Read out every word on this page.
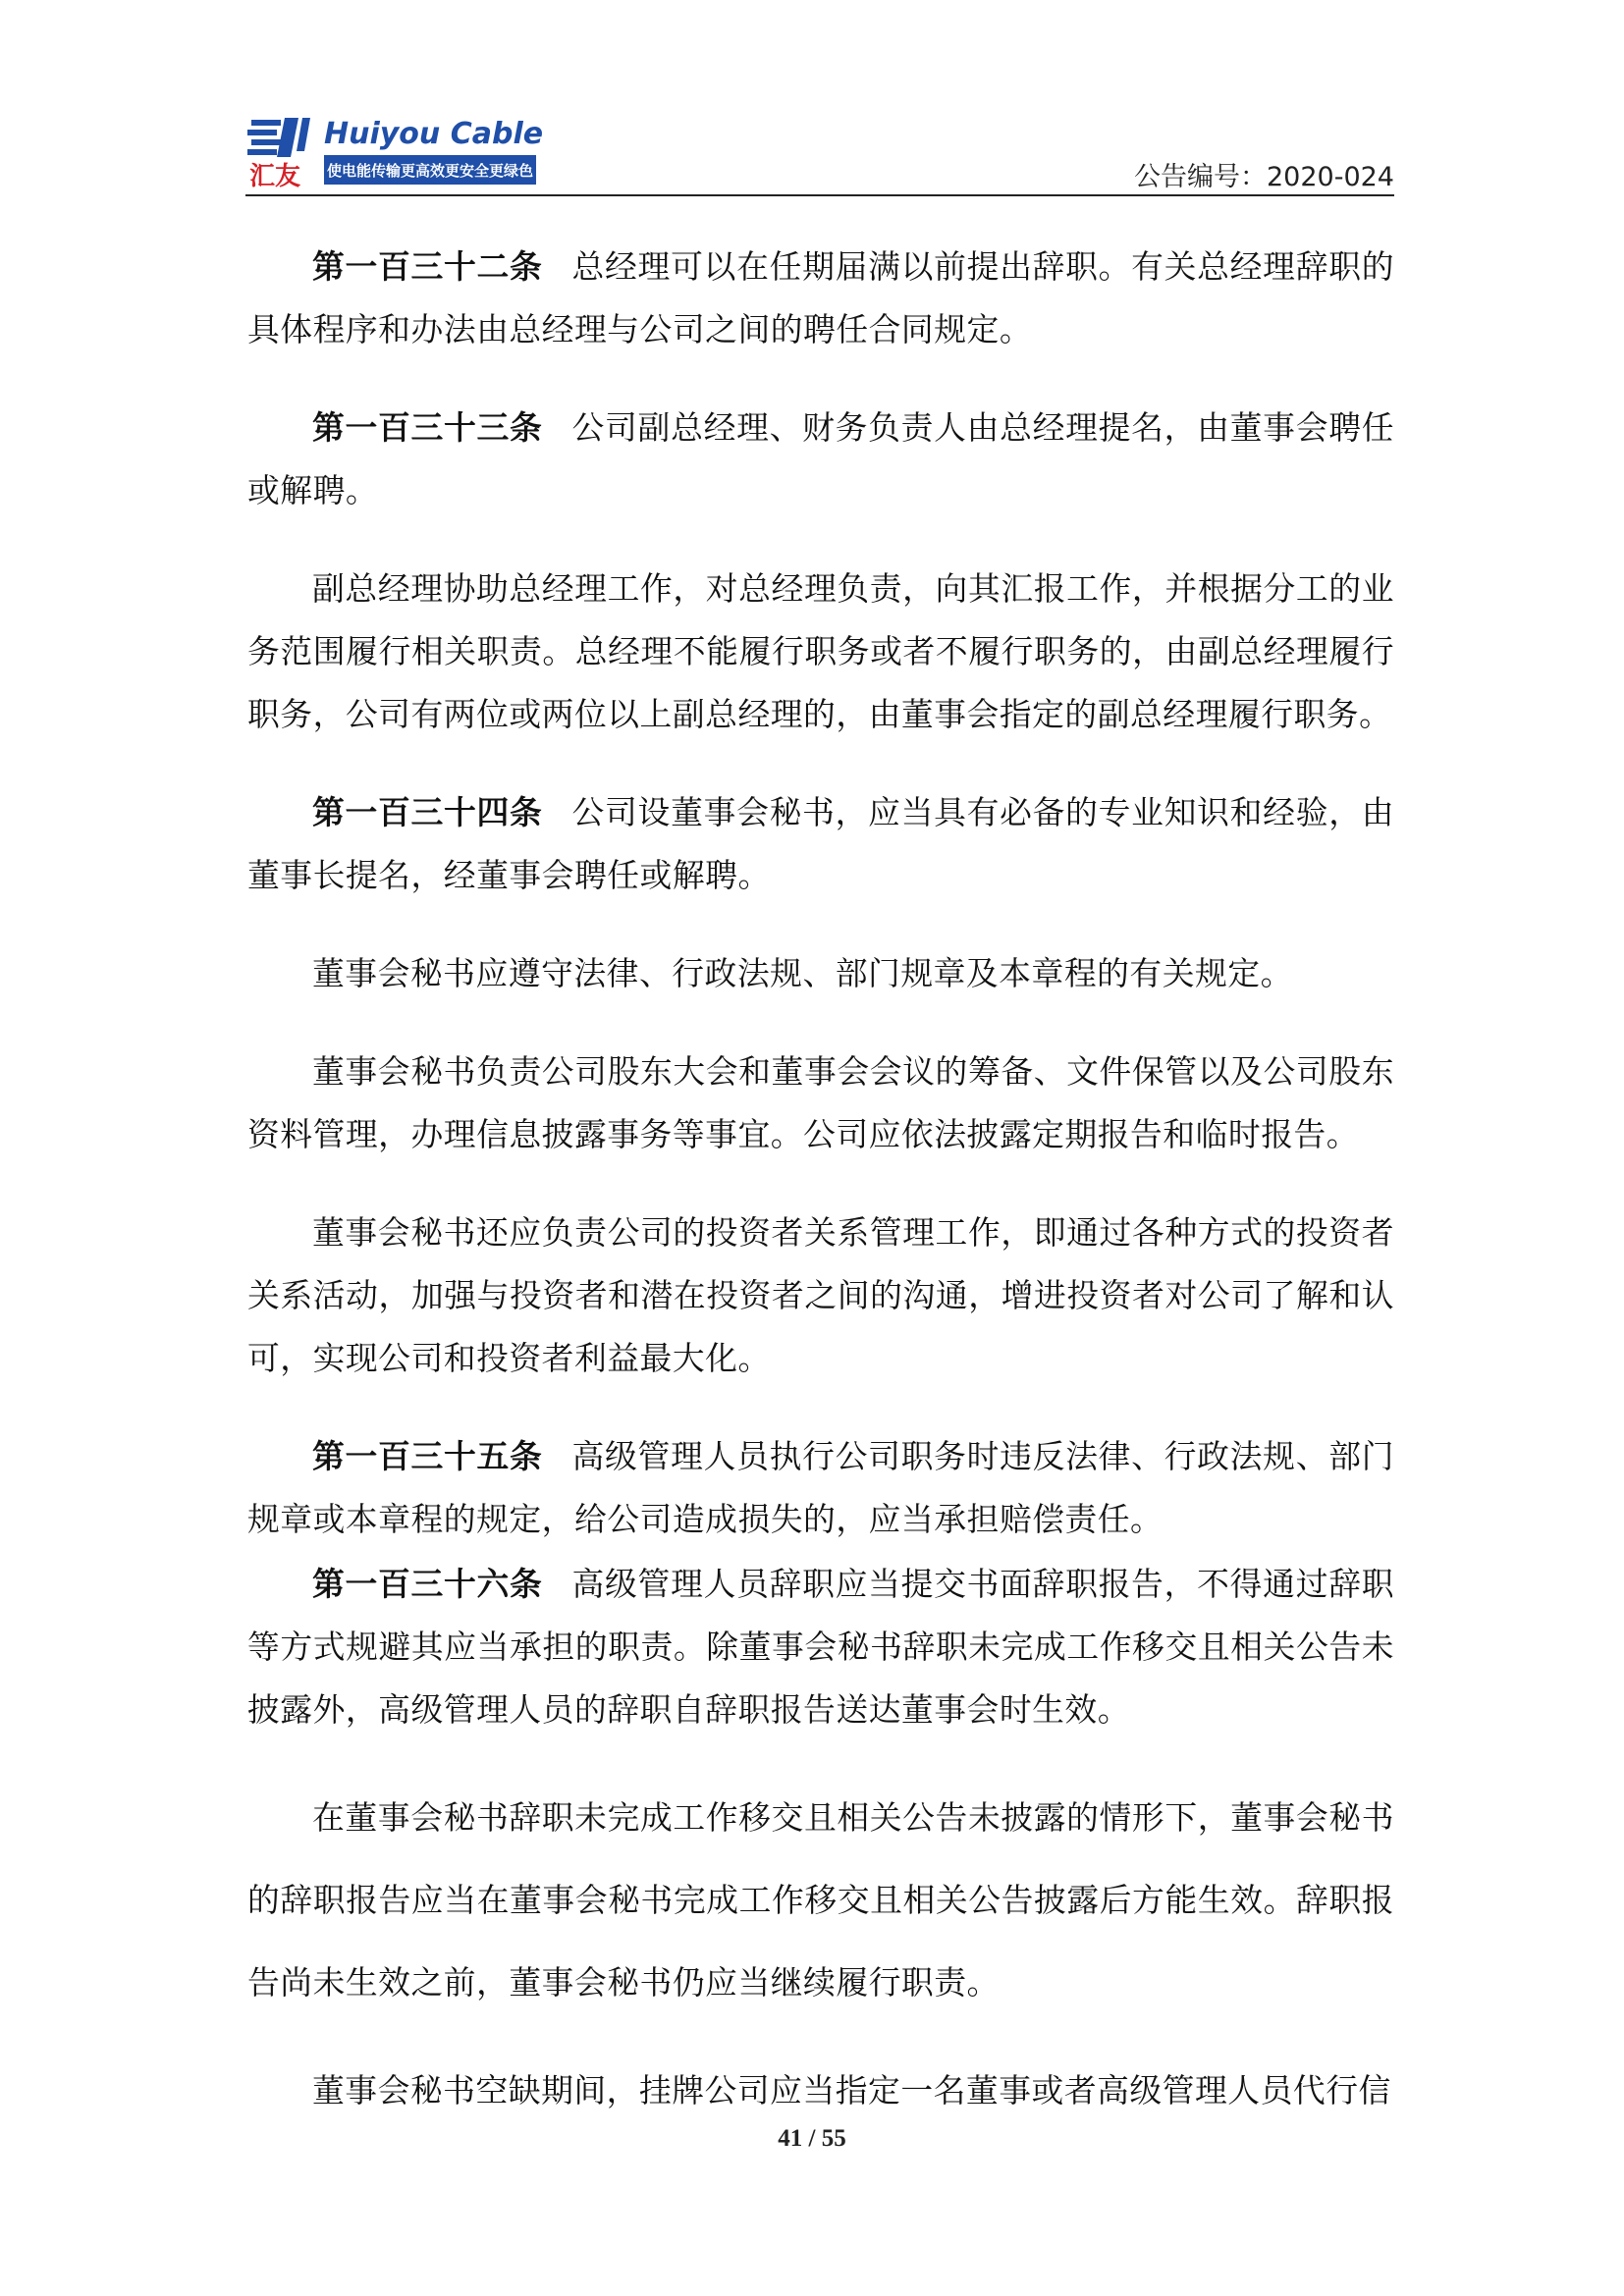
汇友
Huiyou Cable
使电能传输更高效更安全更绿色	公告编号：2020-024

第一百三十二条 总经理可以在任期届满以前提出辞职。有关总经理辞职的具体程序和办法由总经理与公司之间的聘任合同规定。

第一百三十三条 公司副总经理、财务负责人由总经理提名，由董事会聘任或解聘。

副总经理协助总经理工作，对总经理负责，向其汇报工作，并根据分工的业务范围履行相关职责。总经理不能履行职务或者不履行职务的，由副总经理履行职务，公司有两位或两位以上副总经理的，由董事会指定的副总经理履行职务。

第一百三十四条 公司设董事会秘书，应当具有必备的专业知识和经验，由董事长提名，经董事会聘任或解聘。

董事会秘书应遵守法律、行政法规、部门规章及本章程的有关规定。

董事会秘书负责公司股东大会和董事会会议的筹备、文件保管以及公司股东资料管理，办理信息披露事务等事宜。公司应依法披露定期报告和临时报告。

董事会秘书还应负责公司的投资者关系管理工作，即通过各种方式的投资者关系活动，加强与投资者和潜在投资者之间的沟通，增进投资者对公司了解和认可，实现公司和投资者利益最大化。

第一百三十五条 高级管理人员执行公司职务时违反法律、行政法规、部门规章或本章程的规定，给公司造成损失的，应当承担赔偿责任。

第一百三十六条 高级管理人员辞职应当提交书面辞职报告，不得通过辞职等方式规避其应当承担的职责。除董事会秘书辞职未完成工作移交且相关公告未披露外，高级管理人员的辞职自辞职报告送达董事会时生效。

在董事会秘书辞职未完成工作移交且相关公告未披露的情形下，董事会秘书的辞职报告应当在董事会秘书完成工作移交且相关公告披露后方能生效。辞职报告尚未生效之前，董事会秘书仍应当继续履行职责。

董事会秘书空缺期间，挂牌公司应当指定一名董事或者高级管理人员代行信

41 / 55
